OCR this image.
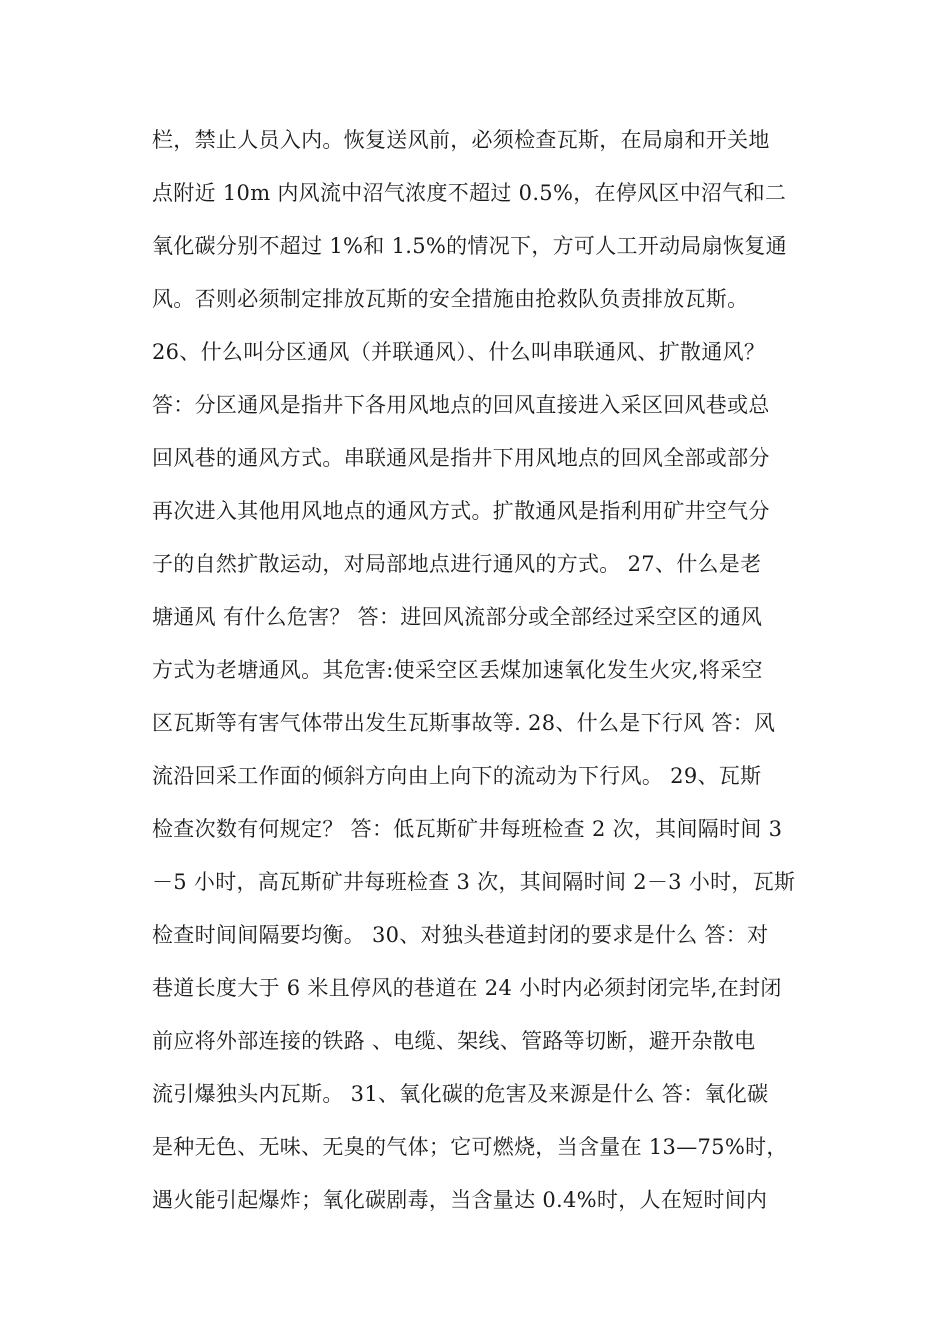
栏，禁止人员入内。恢复送风前，必须检查瓦斯，在局扇和开关地
点附近 10m 内风流中沼气浓度不超过 0.5%，在停风区中沼气和二
氧化碳分别不超过 1%和 1.5%的情况下，方可人工开动局扇恢复通
风。否则必须制定排放瓦斯的安全措施由抢救队负责排放瓦斯。
26、什么叫分区通风（并联通风）、什么叫串联通风、扩散通风？
答：分区通风是指井下各用风地点的回风直接进入采区回风巷或总
回风巷的通风方式。串联通风是指井下用风地点的回风全部或部分
再次进入其他用风地点的通风方式。扩散通风是指利用矿井空气分
子的自然扩散运动，对局部地点进行通风的方式。 27、什么是老
塘通风 有什么危害？ 答：进回风流部分或全部经过采空区的通风
方式为老塘通风。其危害:使采空区丢煤加速氧化发生火灾,将采空
区瓦斯等有害气体带出发生瓦斯事故等. 28、什么是下行风 答：风
流沿回采工作面的倾斜方向由上向下的流动为下行风。 29、瓦斯
检查次数有何规定？ 答：低瓦斯矿井每班检查 2 次，其间隔时间 3
－5 小时，高瓦斯矿井每班检查 3 次，其间隔时间 2－3 小时，瓦斯
检查时间间隔要均衡。 30、对独头巷道封闭的要求是什么 答：对
巷道长度大于 6 米且停风的巷道在 24 小时内必须封闭完毕,在封闭
前应将外部连接的铁路 、电缆、架线、管路等切断，避开杂散电
流引爆独头内瓦斯。 31、氧化碳的危害及来源是什么 答：氧化碳
是种无色、无味、无臭的气体；它可燃烧，当含量在 13—75%时，
遇火能引起爆炸；氧化碳剧毒，当含量达 0.4%时，人在短时间内
